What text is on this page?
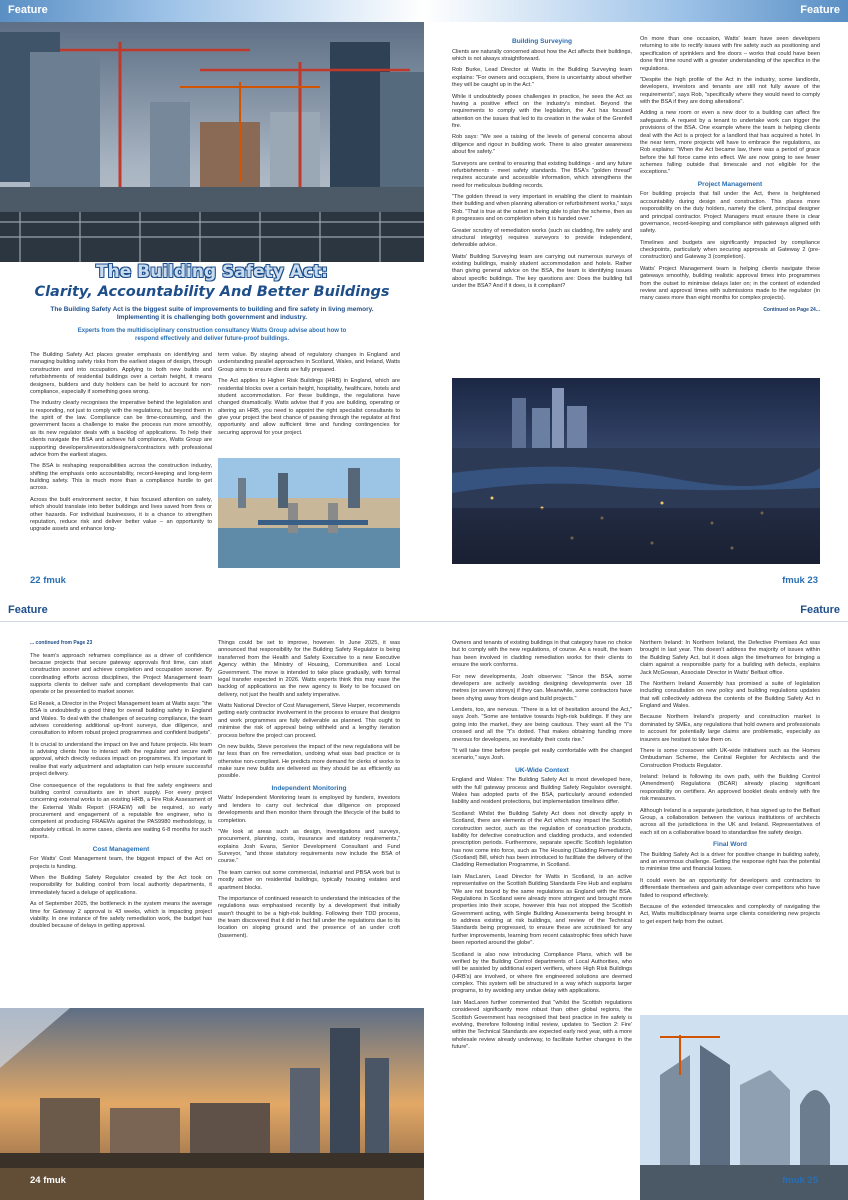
Feature
The Building Safety Act:
Clarity, Accountability And Better Buildings
The Building Safety Act is the biggest suite of improvements to building and fire safety in living memory. Implementing it is challenging both government and industry.
Experts from the multidisciplinary construction consultancy Watts Group advise about how to respond effectively and deliver future-proof buildings.

The Building Safety Act places greater emphasis on identifying and managing building safety risks from the earliest stages of design, through construction and into occupation. Applying to both new builds and refurbishments of residential buildings over a certain height, it means designers, builders and duty holders can be held to account for non-compliance, especially if something goes wrong.

The industry clearly recognises the imperative behind the legislation and is responding, not just to comply with the regulations, but beyond them in the spirit of the law. Compliance can be time-consuming, and the government faces a challenge to make the process run more smoothly, as its new regulator deals with a backlog of applications. To help their clients navigate the BSA and achieve full compliance, Watts Group are supporting developers/investors/designers/contractors with professional advice from the earliest stages.

The BSA is reshaping responsibilities across the construction industry, shifting the emphasis onto accountability, record-keeping and long-term building safety. This is much more than a compliance hurdle to get across.

Across the built environment sector, it has focused attention on safety, which should translate into better buildings and lives saved from fires or other hazards. For individual businesses, it is a chance to strengthen reputation, reduce risk and deliver better value – an opportunity to upgrade assets and enhance long-

term value. By staying ahead of regulatory changes in England and understanding parallel approaches in Scotland, Wales, and Ireland, Watts Group aims to ensure clients are fully prepared.

The Act applies to Higher Risk Buildings (HRB) in England, which are residential blocks over a certain height, hospitality, healthcare, hotels and student accommodation. For these buildings, the regulations have changed dramatically. Watts advise that if you are building, operating or altering an HRB, you need to appoint the right specialist consultants to give your project the best chance of passing through the regulator at first opportunity and allow sufficient time and funding contingencies for securing approval for your project.

22 fmuk
Feature
Building Surveying

Clients are naturally concerned about how the Act affects their buildings, which is not always straightforward.

Rob Burke, Lead Director at Watts in the Building Surveying team explains: "For owners and occupiers, there is uncertainty about whether they will be caught up in the Act."

While it undoubtedly poses challenges in practice, he sees the Act as having a positive effect on the industry's mindset. Beyond the requirements to comply with the legislation, the Act has focused attention on the issues that led to its creation in the wake of the Grenfell fire.

Rob says: "We see a raising of the levels of general concerns about diligence and rigour in building work. There is also greater awareness about fire safety."

Surveyors are central to ensuring that existing buildings - and any future refurbishments - meet safety standards. The BSA's "golden thread" requires accurate and accessible information, which strengthens the need for meticulous building records.

"The golden thread is very important in enabling the client to maintain their building and when planning alteration or refurbishment works," says Rob. "That is true at the outset in being able to plan the scheme, then as it progresses and on completion when it is handed over."

Greater scrutiny of remediation works (such as cladding, fire safety and structural integrity) requires surveyors to provide independent, defensible advice.

Watts' Building Surveying team are carrying out numerous surveys of existing buildings, mainly student accommodation and hotels. Rather than giving general advice on the BSA, the team is identifying issues about specific buildings. The key questions are: Does the building fall under the BSA? And if it does, is it compliant?

On more than one occasion, Watts' team have seen developers returning to site to rectify issues with fire safety such as positioning and specification of sprinklers and fire doors – works that could have been done first time round with a greater understanding of the specifics in the regulations.

"Despite the high profile of the Act in the industry, some landlords, developers, investors and tenants are still not fully aware of the requirements", says Rob, "specifically where they would need to comply with the BSA if they are doing alterations".

Adding a new room or even a new door to a building can affect fire safeguards. A request by a tenant to undertake work can trigger the provisions of the BSA. One example where the team is helping clients deal with the Act is a project for a landlord that has acquired a hotel. In the near term, more projects will have to embrace the regulations, as Rob explains: "When the Act became law, there was a period of grace before the full force came into effect. We are now going to see fewer schemes falling outside that timescale and not eligible for the exceptions."

Project Management

For building projects that fall under the Act, there is heightened accountability during design and construction. This places more responsibility on the duty holders, namely the client, principal designer and principal contractor. Project Managers must ensure there is clear governance, record-keeping and compliance with gateways aligned with safety.

Timelines and budgets are significantly impacted by compliance checkpoints, particularly when securing approvals at Gateway 2 (pre-construction) and Gateway 3 (completion).

Watts' Project Management team is helping clients navigate these gateways smoothly, building realistic approval times into programmes from the outset to minimise delays later on; in the context of extended review and approval times with submissions made to the regulator (in many cases more than eight months for complex projects).

Continued on Page 24...
fmuk 23
Feature
... continued from Page 23

The team's approach reframes compliance as a driver of confidence because projects that secure gateway approvals first time, can start construction sooner and achieve completion and occupation sooner. By coordinating efforts across disciplines, the Project Management team supports clients to deliver safe and compliant developments that can operate or be presented to market sooner.

Ed Resek, a Director in the Project Management team at Watts says: "the BSA is undoubtedly a good thing for overall building safety in England and Wales. To deal with the challenges of securing compliance, the team advises considering additional up-front surveys, due diligence, and consultation to inform robust project programmes and confident budgets".

It is crucial to understand the impact on live and future projects. His team is advising clients how to interact with the regulator and secure swift approval, which directly reduces impact on programmes. It's important to realise that early adjustment and adaptation can help ensure successful project delivery.

One consequence of the regulations is that fire safety engineers and building control consultants are in short supply. For every project concerning external works to an existing HRB, a Fire Risk Assessment of the External Walls Report (FRAEW) will be required, so early procurement and engagement of a reputable fire engineer, who is competent at producing FRAEWs against the PAS9980 methodology, is absolutely critical. In some cases, clients are waiting 6-8 months for such reports.

Cost Management

For Watts' Cost Management team, the biggest impact of the Act on projects is funding.

When the Building Safety Regulator created by the Act took on responsibility for building control from local authority departments, it immediately faced a deluge of applications.

As of September 2025, the bottleneck in the system means the average time for Gateway 2 approval is 43 weeks, which is impacting project viability. In one instance of fire safety remediation work, the budget has doubled because of delays in getting approval.

Things could be set to improve, however. In June 2025, it was announced that responsibility for the Building Safety Regulator is being transferred from the Health and Safety Executive to a new Executive Agency within the Ministry of Housing, Communities and Local Government. The move is intended to take place gradually, with formal legal transfer expected in 2026. Watts experts think this may ease the backlog of applications as the new agency is likely to be focused on delivery, not just the health and safety imperative.

Watts National Director of Cost Management, Steve Harper, recommends getting early contractor involvement in the process to ensure that designs and work programmes are fully deliverable as planned. This ought to minimise the risk of approval being withheld and a lengthy iteration process before the project can proceed.

On new builds, Steve perceives the impact of the new regulations will be far less than on fire remediation, undoing what was bad practice or is otherwise non-compliant. He predicts more demand for clerks of works to make sure new builds are delivered as they should be as efficiently as possible.

Independent Monitoring

Watts' Independent Monitoring team is employed by funders, investors and lenders to carry out technical due diligence on proposed developments and then monitor them through the lifecycle of the build to completion.

"We look at areas such as design, investigations and surveys, procurement, planning, costs, insurance and statutory requirements," explains Josh Evans, Senior Development Consultant and Fund Surveyor, "and those statutory requirements now include the BSA of course."

The team carries out some commercial, industrial and PBSA work but is mostly active on residential buildings, typically housing estates and apartment blocks.

The importance of continued research to understand the intricacies of the regulations was emphasised recently by a development that initially wasn't thought to be a high-risk building. Following their TDD process, the team discovered that it did in fact fall under the regulations due to its location on sloping ground and the presence of an under croft (basement).

24 fmuk
Feature

Owners and tenants of existing buildings in that category have no choice but to comply with the new regulations, of course. As a result, the team has been involved in cladding remediation works for their clients to ensure the work conforms.

For new developments, Josh observes: "Since the BSA, some developers are actively avoiding designing developments over 18 metres (or seven storeys) if they can. Meanwhile, some contractors have been shying away from design and build projects."

Lenders, too, are nervous. "There is a lot of hesitation around the Act," says Josh. "Some are tentative towards high-risk buildings. If they are going into the market, they are being cautious. They want all the "i"s crossed and all the "t"s dotted. That makes obtaining funding more onerous for developers, so inevitably their costs rise."

"It will take time before people get really comfortable with the changed scenario," says Josh.

UK-Wide Context

England and Wales: The Building Safety Act is most developed here, with the full gateway process and Building Safety Regulator oversight. Wales has adopted parts of the BSA, particularly around extended liability and resident protections, but implementation timelines differ.

Scotland: Whilst the Building Safety Act does not directly apply in Scotland, there are elements of the Act which may impact the Scottish construction sector, such as the regulation of construction products, liability for defective construction and cladding products, and extended prescription periods. Furthermore, separate specific Scottish legislation has now come into force, such as The Housing (Cladding Remediation) (Scotland) Bill, which has been introduced to facilitate the delivery of the Cladding Remediation Programme, in Scotland.

Iain MacLaren, Lead Director for Watts in Scotland, is an active representative on the Scottish Building Standards Fire Hub and explains "We are not bound by the same regulations as England with the BSA. Regulations in Scotland were already more stringent and brought more properties into their scope, however this has not stopped the Scottish Government acting, with Single Building Assessments being brought in to address existing at risk buildings, and review of the Technical Standards being progressed, to ensure these are scrutinised for any further improvements, learning from recent catastrophic fires which have been reported around the globe".

Scotland is also now introducing Compliance Plans, which will be verified by the Building Control departments of Local Authorities, who will be assisted by additional expert verifiers, where High Risk Buildings (HRB's) are involved, or where fire engineered solutions are deemed complex. This system will be structured in a way which supports larger programs, to try avoiding any undue delay with applications.

Iain MacLaren further commented that "whilst the Scottish regulations considered significantly more robust than other global regions, the Scottish Government has recognised that best practice in fire safety is evolving, therefore following initial review, updates to 'Section 2: Fire' within the Technical Standards are expected early next year, with a more wholesale review already underway, to facilitate further changes in the future".

Northern Ireland: In Northern Ireland, the Defective Premises Act was brought in last year. This doesn't address the majority of issues within the Building Safety Act, but it does align the timeframes for bringing a claim against a responsible party for a building with defects, explains Jack McGowan, Associate Director in Watts' Belfast office.

The Northern Ireland Assembly has promised a suite of legislation including consultation on new policy and building regulations updates that will collectively address the contents of the Building Safety Act in England and Wales.

Because Northern Ireland's property and construction market is dominated by SMEs, any regulations that hold owners and professionals to account for potentially large claims are problematic, especially as insurers are hesitant to take them on.

There is some crossover with UK-wide initiatives such as the Homes Ombudsman Scheme, the Central Register for Architects and the Construction Products Regulator.

Ireland: Ireland is following its own path, with the Building Control (Amendment) Regulations (BCAR) already placing significant responsibility on certifiers. An approved booklet deals entirely with fire risk measures.

Although Ireland is a separate jurisdiction, it has signed up to the Belfast Group, a collaboration between the various institutions of architects across all the jurisdictions in the UK and Ireland. Representatives of each sit on a collaborative board to standardise fire safety design.

Final Word

The Building Safety Act is a driver for positive change in building safety, and an enormous challenge. Getting the response right has the potential to minimise time and financial losses.

It could even be an opportunity for developers and contractors to differentiate themselves and gain advantage over competitors who have failed to respond effectively.

Because of the extended timescales and complexity of navigating the Act, Watts multidisciplinary teams urge clients considering new projects to get expert help from the outset.

fmuk 25
